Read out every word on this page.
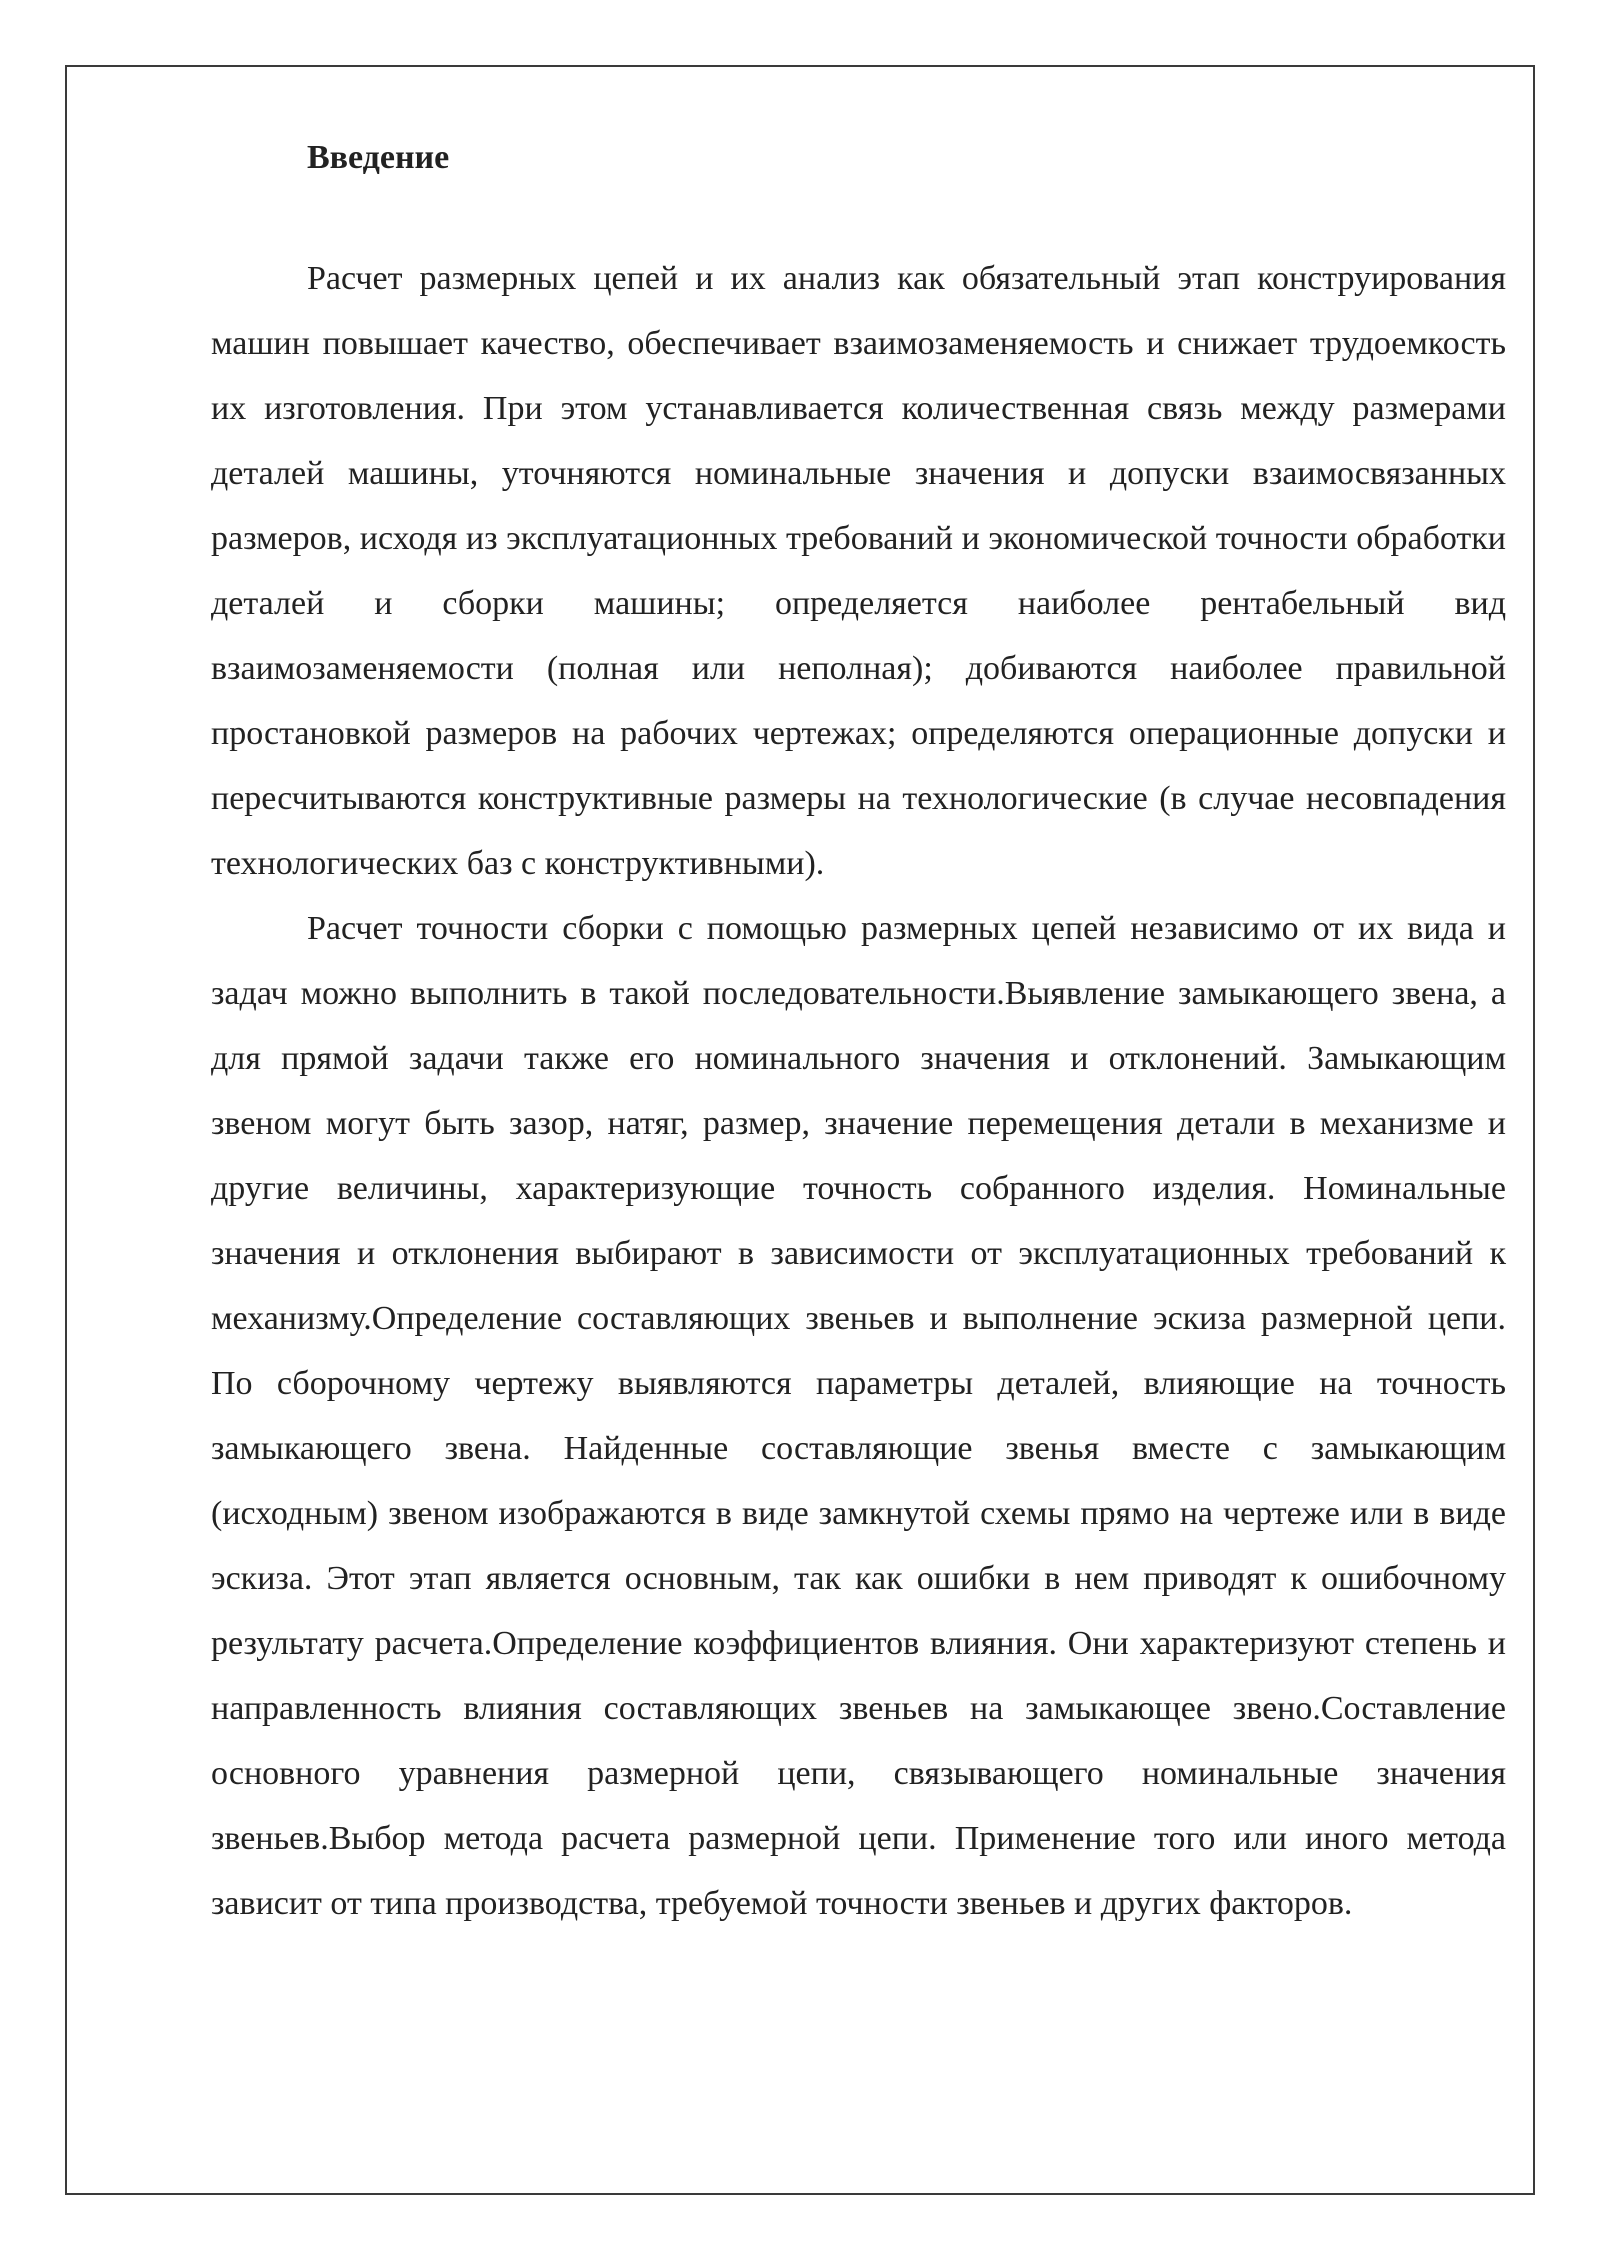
Введение

Расчет размерных цепей и их анализ как обязательный этап конструирования машин повышает качество, обеспечивает взаимозаменяемость и снижает трудоемкость их изготовления. При этом устанавливается количественная связь между размерами деталей машины, уточняются номинальные значения и допуски взаимосвязанных размеров, исходя из эксплуатационных требований и экономической точности обработки деталей и сборки машины; определяется наиболее рентабельный вид взаимозаменяемости (полная или неполная); добиваются наиболее правильной простановкой размеров на рабочих чертежах; определяются операционные допуски и пересчитываются конструктивные размеры на технологические (в случае несовпадения технологических баз с конструктивными).

Расчет точности сборки с помощью размерных цепей независимо от их вида и задач можно выполнить в такой последовательности.Выявление замыкающего звена, а для прямой задачи также его номинального значения и отклонений. Замыкающим звеном могут быть зазор, натяг, размер, значение перемещения детали в механизме и другие величины, характеризующие точность собранного изделия. Номинальные значения и отклонения выбирают в зависимости от эксплуатационных требований к механизму.Определение составляющих звеньев и выполнение эскиза размерной цепи. По сборочному чертежу выявляются параметры деталей, влияющие на точность замыкающего звена. Найденные составляющие звенья вместе с замыкающим (исходным) звеном изображаются в виде замкнутой схемы прямо на чертеже или в виде эскиза. Этот этап является основным, так как ошибки в нем приводят к ошибочному результату расчета.Определение коэффициентов влияния. Они характеризуют степень и направленность влияния составляющих звеньев на замыкающее звено.Составление основного уравнения размерной цепи, связывающего номинальные значения звеньев.Выбор метода расчета размерной цепи. Применение того или иного метода зависит от типа производства, требуемой точности звеньев и других факторов.
